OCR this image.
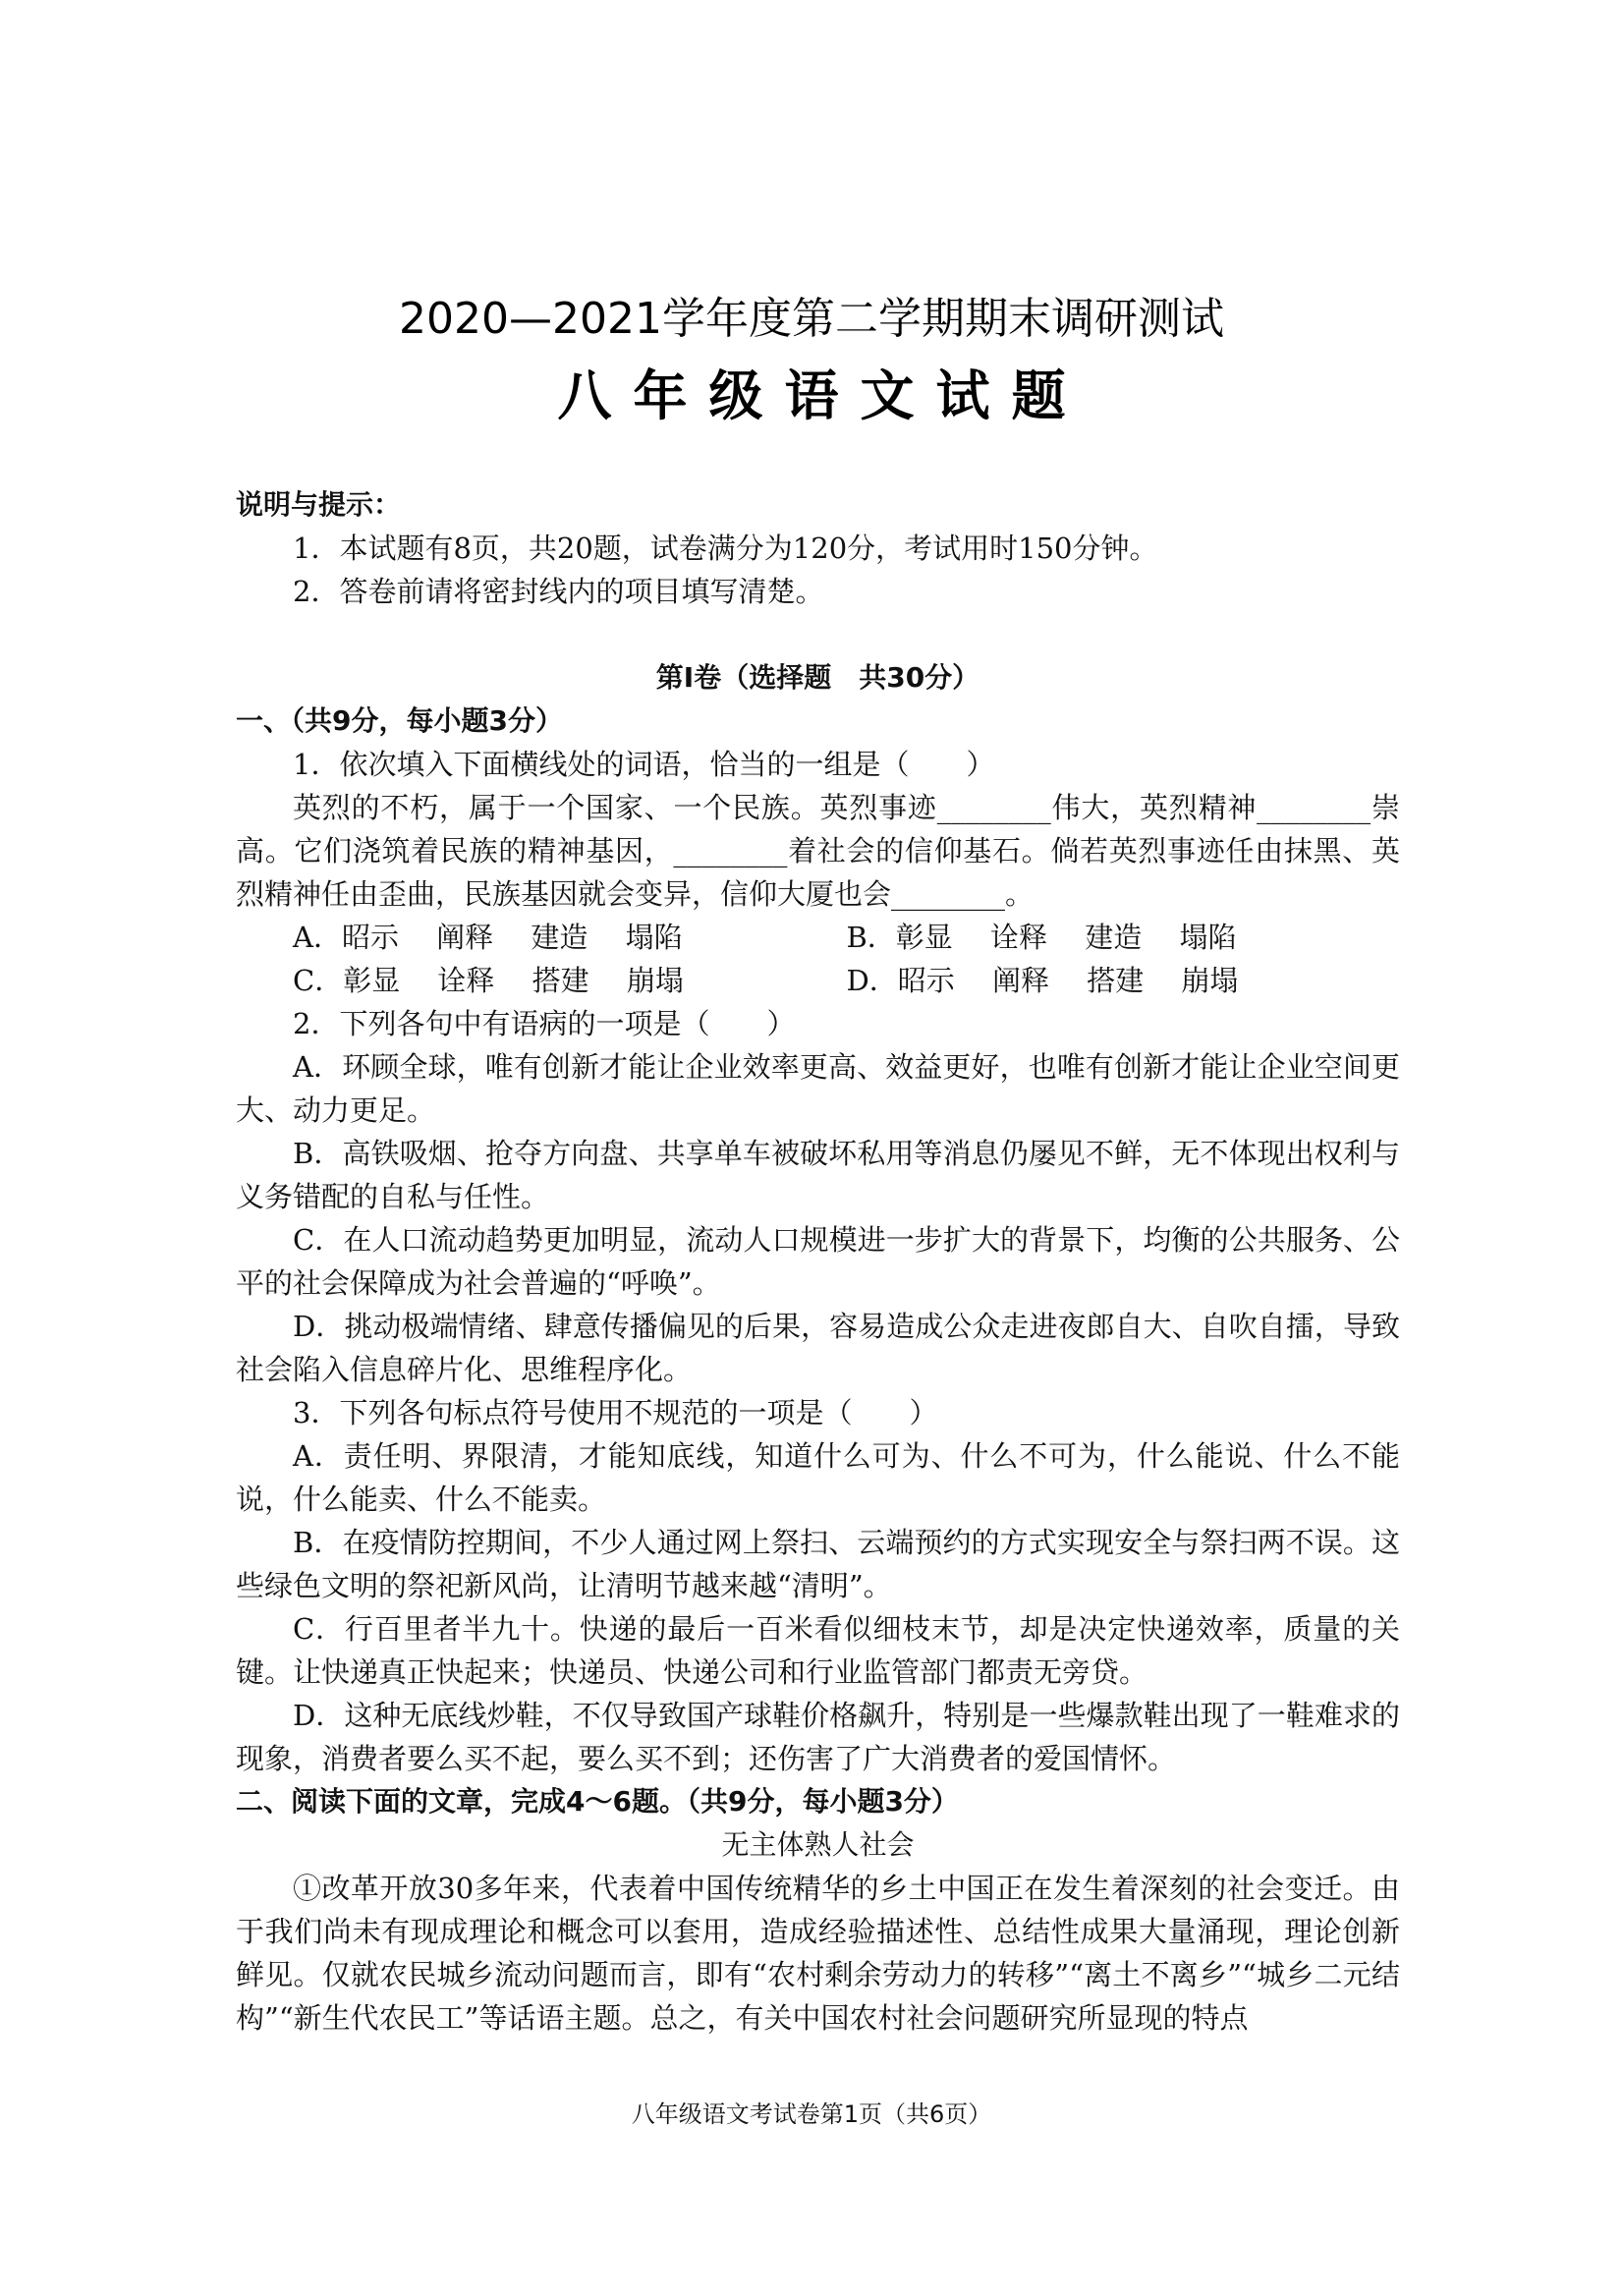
2020—2021学年度第二学期期末调研测试
八年级语文试题

说明与提示：

1．本试题有8页，共20题，试卷满分为120分，考试用时150分钟。

2．答卷前请将密封线内的项目填写清楚。

第Ⅰ卷（选择题　共30分）

一、（共9分，每小题3分）

1．依次填入下面横线处的词语，恰当的一组是（　　）

英烈的不朽，属于一个国家、一个民族。英烈事迹________伟大，英烈精神________崇高。它们浇筑着民族的精神基因，________着社会的信仰基石。倘若英烈事迹任由抹黑、英烈精神任由歪曲，民族基因就会变异，信仰大厦也会________。

A．昭示　 阐释　 建造　 塌陷	B．彰显　 诠释　 建造　 塌陷
C．彰显　 诠释　 搭建　 崩塌	D．昭示　 阐释　 搭建　 崩塌

2．下列各句中有语病的一项是（　　）

A．环顾全球，唯有创新才能让企业效率更高、效益更好，也唯有创新才能让企业空间更大、动力更足。

B．高铁吸烟、抢夺方向盘、共享单车被破坏私用等消息仍屡见不鲜，无不体现出权利与义务错配的自私与任性。

C．在人口流动趋势更加明显，流动人口规模进一步扩大的背景下，均衡的公共服务、公平的社会保障成为社会普遍的“呼唤”。

D．挑动极端情绪、肆意传播偏见的后果，容易造成公众走进夜郎自大、自吹自擂，导致社会陷入信息碎片化、思维程序化。

3．下列各句标点符号使用不规范的一项是（　　）

A．责任明、界限清，才能知底线，知道什么可为、什么不可为，什么能说、什么不能说，什么能卖、什么不能卖。

B．在疫情防控期间，不少人通过网上祭扫、云端预约的方式实现安全与祭扫两不误。这些绿色文明的祭祀新风尚，让清明节越来越“清明”。

C．行百里者半九十。快递的最后一百米看似细枝末节，却是决定快递效率，质量的关键。让快递真正快起来；快递员、快递公司和行业监管部门都责无旁贷。

D．这种无底线炒鞋，不仅导致国产球鞋价格飙升，特别是一些爆款鞋出现了一鞋难求的现象，消费者要么买不起，要么买不到；还伤害了广大消费者的爱国情怀。

二、阅读下面的文章，完成4～6题。（共9分，每小题3分）

无主体熟人社会

①改革开放30多年来，代表着中国传统精华的乡土中国正在发生着深刻的社会变迁。由于我们尚未有现成理论和概念可以套用，造成经验描述性、总结性成果大量涌现，理论创新鲜见。仅就农民城乡流动问题而言，即有“农村剩余劳动力的转移”“离土不离乡”“城乡二元结构”“新生代农民工”等话语主题。总之，有关中国农村社会问题研究所显现的特点

八年级语文考试卷第1页（共6页）
